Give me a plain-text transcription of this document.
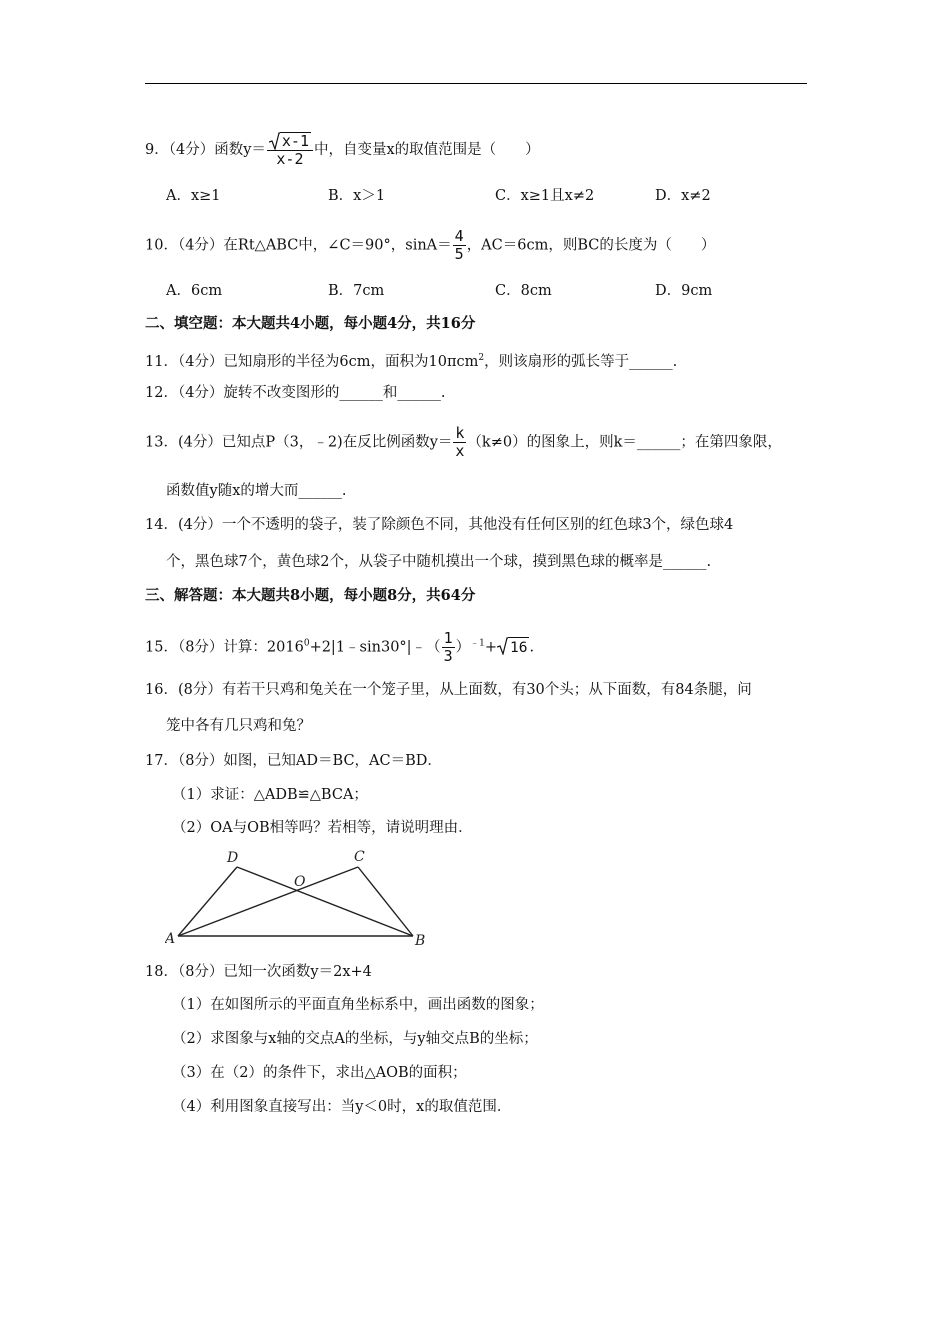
9．（4分）函数$y= \frac{x-1}{x-2}$ 中，自变量x的取值范围是（　　）
A．x≥1	B．x＞1	C．x≥1且x≠2	D．x≠2
10．（4分）在Rt△ABC中，∠C＝90°，$\sin A= \frac{4}{5}$ ，AC＝6cm，则BC的长度为（　　）
A．6cm	B．7cm	C．8cm	D．9cm
二、填空题：本大题共4小题，每小题4分，共16分
11．（4分）已知扇形的半径为6cm，面积为10πcm$^2$，则该扇形的弧长等于______.
12．（4分）旋转不改变图形的______和______.
13．(4分）已知点P（3，﹣2)在反比例函数$y= \frac{k}{x} (k\ne 0)$的图象上，则k＝______；在第四象限，
函数值y随x的增大而______.
14．(4分）一个不透明的袋子，装了除颜色不同，其他没有任何区别的红色球3个，绿色球4
个，黑色球7个，黄色球2个，从袋子中随机摸出一个球，摸到黑色球的概率是______.
三、解答题：本大题共8小题，每小题8分，共64分
15．（8分）计算：$2016^0+2|1﹣\sin 30^\circ|﹣( \frac{1}{3} )^{﹣1}+ 16$ .
16．(8分）有若干只鸡和兔关在一个笼子里，从上面数，有30个头；从下面数，有84条腿，问
笼中各有几只鸡和兔？
17．（8分）如图，已知AD＝BC，AC＝BD．
（1）求证：△ADB≌△BCA；
（2）OA与OB相等吗？若相等，请说明理由．
D	C
O
A	B
18．（8分）已知一次函数y＝2x+4
（1）在如图所示的平面直角坐标系中，画出函数的图象；
（2）求图象与x轴的交点A的坐标，与y轴交点B的坐标；
（3）在（2）的条件下，求出△AOB的面积；
（4）利用图象直接写出：当y＜0时，x的取值范围．
